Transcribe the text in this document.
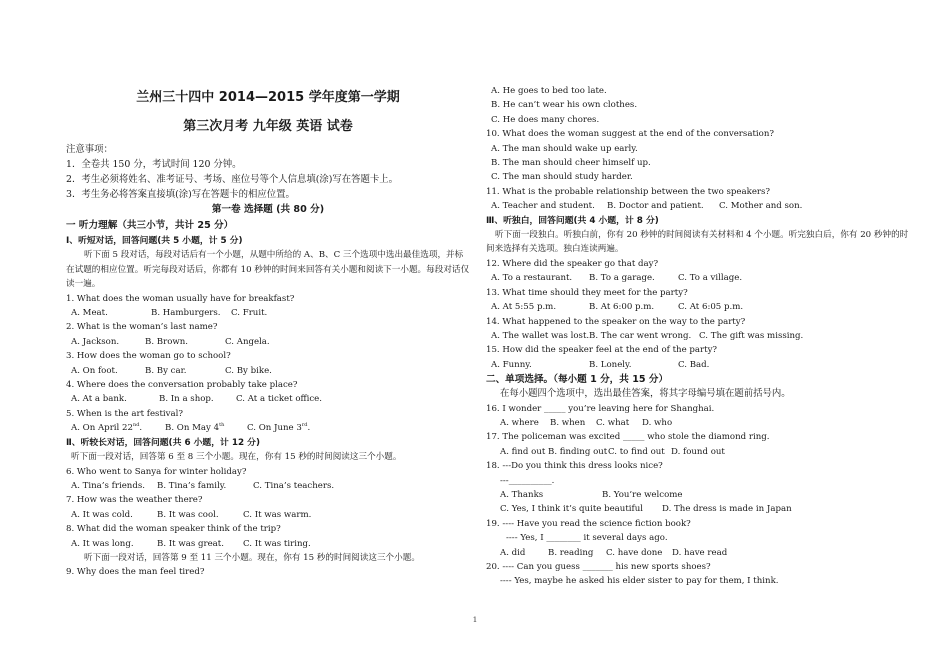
兰州三十四中 2014—2015 学年度第一学期
第三次月考 九年级 英语 试卷
注意事项：
1．全卷共 150 分，考试时间 120 分钟。
2．考生必须将姓名、准考证号、考场、座位号等个人信息填(涂)写在答题卡上。
3．考生务必将答案直接填(涂)写在答题卡的相应位置。
第一卷 选择题 (共 80 分)
一 听力理解（共三小节，共计 25 分）
Ⅰ、听短对话，回答问题(共 5 小题，计 5 分)
听下面 5 段对话，每段对话后有一个小题，从题中所给的 A、B、C 三个选项中选出最佳选项，并标在试题的相应位置。听完每段对话后，你都有 10 秒钟的时间来回答有关小题和阅读下一小题。每段对话仅读一遍。
1. What does the woman usually have for breakfast?
A. Meat.	B. Hamburgers. C. Fruit.
2. What is the woman’s last name?
A. Jackson.	B. Brown.	C. Angela.
3. How does the woman go to school?
A. On foot.	B. By car.	C. By bike.
4. Where does the conversation probably take place?
A. At a bank.	B. In a shop.	C. At a ticket office.
5. When is the art festival?
A. On April 22nd.	B. On May 4th	C. On June 3rd.
Ⅱ、听较长对话，回答问题(共 6 小题，计 12 分)
听下面一段对话，回答第 6 至 8 三个小题。现在，你有 15 秒的时间阅读这三个小题。
6. Who went to Sanya for winter holiday?
A. Tina’s friends. B. Tina’s family.	C. Tina’s teachers.
7. How was the weather there?
A. It was cold.	B. It was cool.	C. It was warm.
8. What did the woman speaker think of the trip?
A. It was long.	B. It was great. C. It was tiring.
听下面一段对话，回答第 9 至 11 三个小题。现在，你有 15 秒的时间阅读这三个小题。
9. Why does the man feel tired?
A. He goes to bed too late.
B. He can’t wear his own clothes.
C. He does many chores.
10. What does the woman suggest at the end of the conversation?
A. The man should wake up early.
B. The man should cheer himself up.
C. The man should study harder.
11. What is the probable relationship between the two speakers?
A. Teacher and student. B. Doctor and patient. C. Mother and son.
Ⅲ、听独白，回答问题(共 4 小题，计 8 分)
听下面一段独白。听独白前，你有 20 秒钟的时间阅读有关材料和 4 个小题。听完独白后，你有 20 秒钟的时间来选择有关选项。独白连读两遍。
12. Where did the speaker go that day?
A. To a restaurant. B. To a garage.	C. To a village.
13. What time should they meet for the party?
A. At 5:55 p.m.	B. At 6:00 p.m.	C. At 6:05 p.m.
14. What happened to the speaker on the way to the party?
A. The wallet was lost.B. The car went wrong. C. The gift was missing.
15. How did the speaker feel at the end of the party?
A. Funny.	B. Lonely.	C. Bad.
二、单项选择。（每小题 1 分，共 15 分）
在每小题四个选项中，选出最佳答案，将其字母编号填在题前括号内。
16. I wonder _____ you’re leaving here for Shanghai.
A. where B. when C. what D. who
17. The policeman was excited _____ who stole the diamond ring.
A. find out B. finding outC. to find out D. found out
18. ---Do you think this dress looks nice?
---__________.
A. Thanks	B. You’re welcome
C. Yes, I think it’s quite beautiful D. The dress is made in Japan
19. ---- Have you read the science fiction book?
---- Yes, I ________ it several days ago.
A. did	B. reading C. have done D. have read
20. ---- Can you guess _______ his new sports shoes?
---- Yes, maybe he asked his elder sister to pay for them, I think.
1
